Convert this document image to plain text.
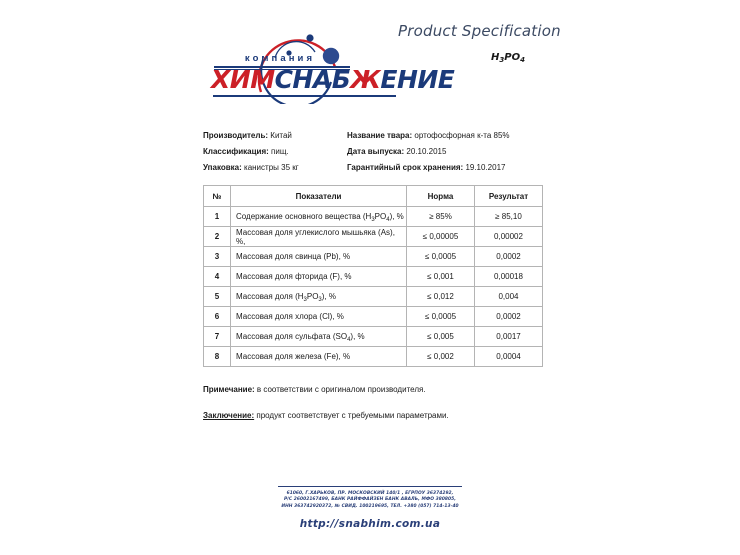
компания
ХИМСНАБЖЕНИЕ
Product Specification
$H_3PO_4$
Производитель: Китай
Классификация: пищ.
Упаковка: канистры 35 кг
Название твара: ортофосфорная к-та 85%
Дата выпуска: 20.10.2015
Гарантийный срок хранения: 19.10.2017
№	Показатели	Норма	Результат
1	Содержание основного вещества $(H_3PO_4)$, %	≥ 85%	≥ 85,10
2	Массовая доля углекислого мышьяка (As), %,	≤ 0,00005	0,00002
3	Массовая доля свинца (Pb), %	≤ 0,0005	0,0002
4	Массовая доля фторида (F), %	≤ 0,001	0,00018
5	Массовая доля $(H_3PO_3)$, %	≤ 0,012	0,004
6	Массовая доля хлора (Cl), %	≤ 0,0005	0,0002
7	Массовая доля сульфата $(SO_4)$, %	≤ 0,005	0,0017
8	Массовая доля железа (Fe), %	≤ 0,002	0,0004
Примечание: в соответствии с оригиналом производителя.
Заключение: продукт соответствует с требуемыми параметрами.
61060, Г.ХАРЬКОВ, ПР. МОСКОВСКИЙ 140/1 , ЕГРПОУ 36374292,
Р/С 26002167499, БАНК РАЙФФАЙЗЕН БАНК АВАЛЬ, МФО 380805,
ИНН 363742920372, № СВИД. 100219695, ТЕЛ. +380 (057) 714-13-40
http://snabhim.com.ua
